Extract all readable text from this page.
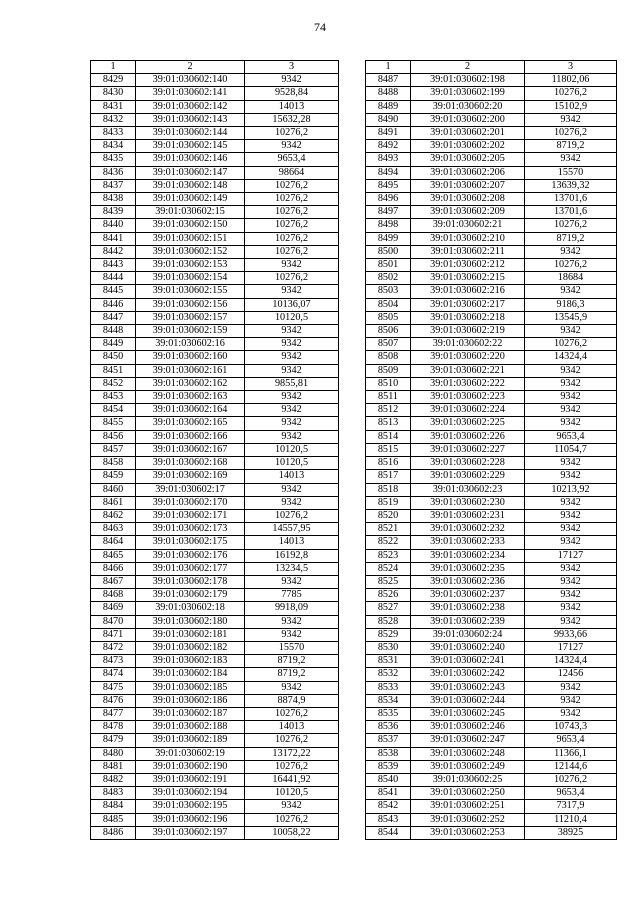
74
1	2	3
8429	39:01:030602:140	9342
8430	39:01:030602:141	9528,84
8431	39:01:030602:142	14013
8432	39:01:030602:143	15632,28
8433	39:01:030602:144	10276,2
8434	39:01:030602:145	9342
8435	39:01:030602:146	9653,4
8436	39:01:030602:147	98664
8437	39:01:030602:148	10276,2
8438	39:01:030602:149	10276,2
8439	39:01:030602:15	10276,2
8440	39:01:030602:150	10276,2
8441	39:01:030602:151	10276,2
8442	39:01:030602:152	10276,2
8443	39:01:030602:153	9342
8444	39:01:030602:154	10276,2
8445	39:01:030602:155	9342
8446	39:01:030602:156	10136,07
8447	39:01:030602:157	10120,5
8448	39:01:030602:159	9342
8449	39:01:030602:16	9342
8450	39:01:030602:160	9342
8451	39:01:030602:161	9342
8452	39:01:030602:162	9855,81
8453	39:01:030602:163	9342
8454	39:01:030602:164	9342
8455	39:01:030602:165	9342
8456	39:01:030602:166	9342
8457	39:01:030602:167	10120,5
8458	39:01:030602:168	10120,5
8459	39:01:030602:169	14013
8460	39:01:030602:17	9342
8461	39:01:030602:170	9342
8462	39:01:030602:171	10276,2
8463	39:01:030602:173	14557,95
8464	39:01:030602:175	14013
8465	39:01:030602:176	16192,8
8466	39:01:030602:177	13234,5
8467	39:01:030602:178	9342
8468	39:01:030602:179	7785
8469	39:01:030602:18	9918,09
8470	39:01:030602:180	9342
8471	39:01:030602:181	9342
8472	39:01:030602:182	15570
8473	39:01:030602:183	8719,2
8474	39:01:030602:184	8719,2
8475	39:01:030602:185	9342
8476	39:01:030602:186	8874,9
8477	39:01:030602:187	10276,2
8478	39:01:030602:188	14013
8479	39:01:030602:189	10276,2
8480	39:01:030602:19	13172,22
8481	39:01:030602:190	10276,2
8482	39:01:030602:191	16441,92
8483	39:01:030602:194	10120,5
8484	39:01:030602:195	9342
8485	39:01:030602:196	10276,2
8486	39:01:030602:197	10058,22
1	2	3
8487	39:01:030602:198	11802,06
8488	39:01:030602:199	10276,2
8489	39:01:030602:20	15102,9
8490	39:01:030602:200	9342
8491	39:01:030602:201	10276,2
8492	39:01:030602:202	8719,2
8493	39:01:030602:205	9342
8494	39:01:030602:206	15570
8495	39:01:030602:207	13639,32
8496	39:01:030602:208	13701,6
8497	39:01:030602:209	13701,6
8498	39:01:030602:21	10276,2
8499	39:01:030602:210	8719,2
8500	39:01:030602:211	9342
8501	39:01:030602:212	10276,2
8502	39:01:030602:215	18684
8503	39:01:030602:216	9342
8504	39:01:030602:217	9186,3
8505	39:01:030602:218	13545,9
8506	39:01:030602:219	9342
8507	39:01:030602:22	10276,2
8508	39:01:030602:220	14324,4
8509	39:01:030602:221	9342
8510	39:01:030602:222	9342
8511	39:01:030602:223	9342
8512	39:01:030602:224	9342
8513	39:01:030602:225	9342
8514	39:01:030602:226	9653,4
8515	39:01:030602:227	11054,7
8516	39:01:030602:228	9342
8517	39:01:030602:229	9342
8518	39:01:030602:23	10213,92
8519	39:01:030602:230	9342
8520	39:01:030602:231	9342
8521	39:01:030602:232	9342
8522	39:01:030602:233	9342
8523	39:01:030602:234	17127
8524	39:01:030602:235	9342
8525	39:01:030602:236	9342
8526	39:01:030602:237	9342
8527	39:01:030602:238	9342
8528	39:01:030602:239	9342
8529	39:01:030602:24	9933,66
8530	39:01:030602:240	17127
8531	39:01:030602:241	14324,4
8532	39:01:030602:242	12456
8533	39:01:030602:243	9342
8534	39:01:030602:244	9342
8535	39:01:030602:245	9342
8536	39:01:030602:246	10743,3
8537	39:01:030602:247	9653,4
8538	39:01:030602:248	11366,1
8539	39:01:030602:249	12144,6
8540	39:01:030602:25	10276,2
8541	39:01:030602:250	9653,4
8542	39:01:030602:251	7317,9
8543	39:01:030602:252	11210,4
8544	39:01:030602:253	38925
